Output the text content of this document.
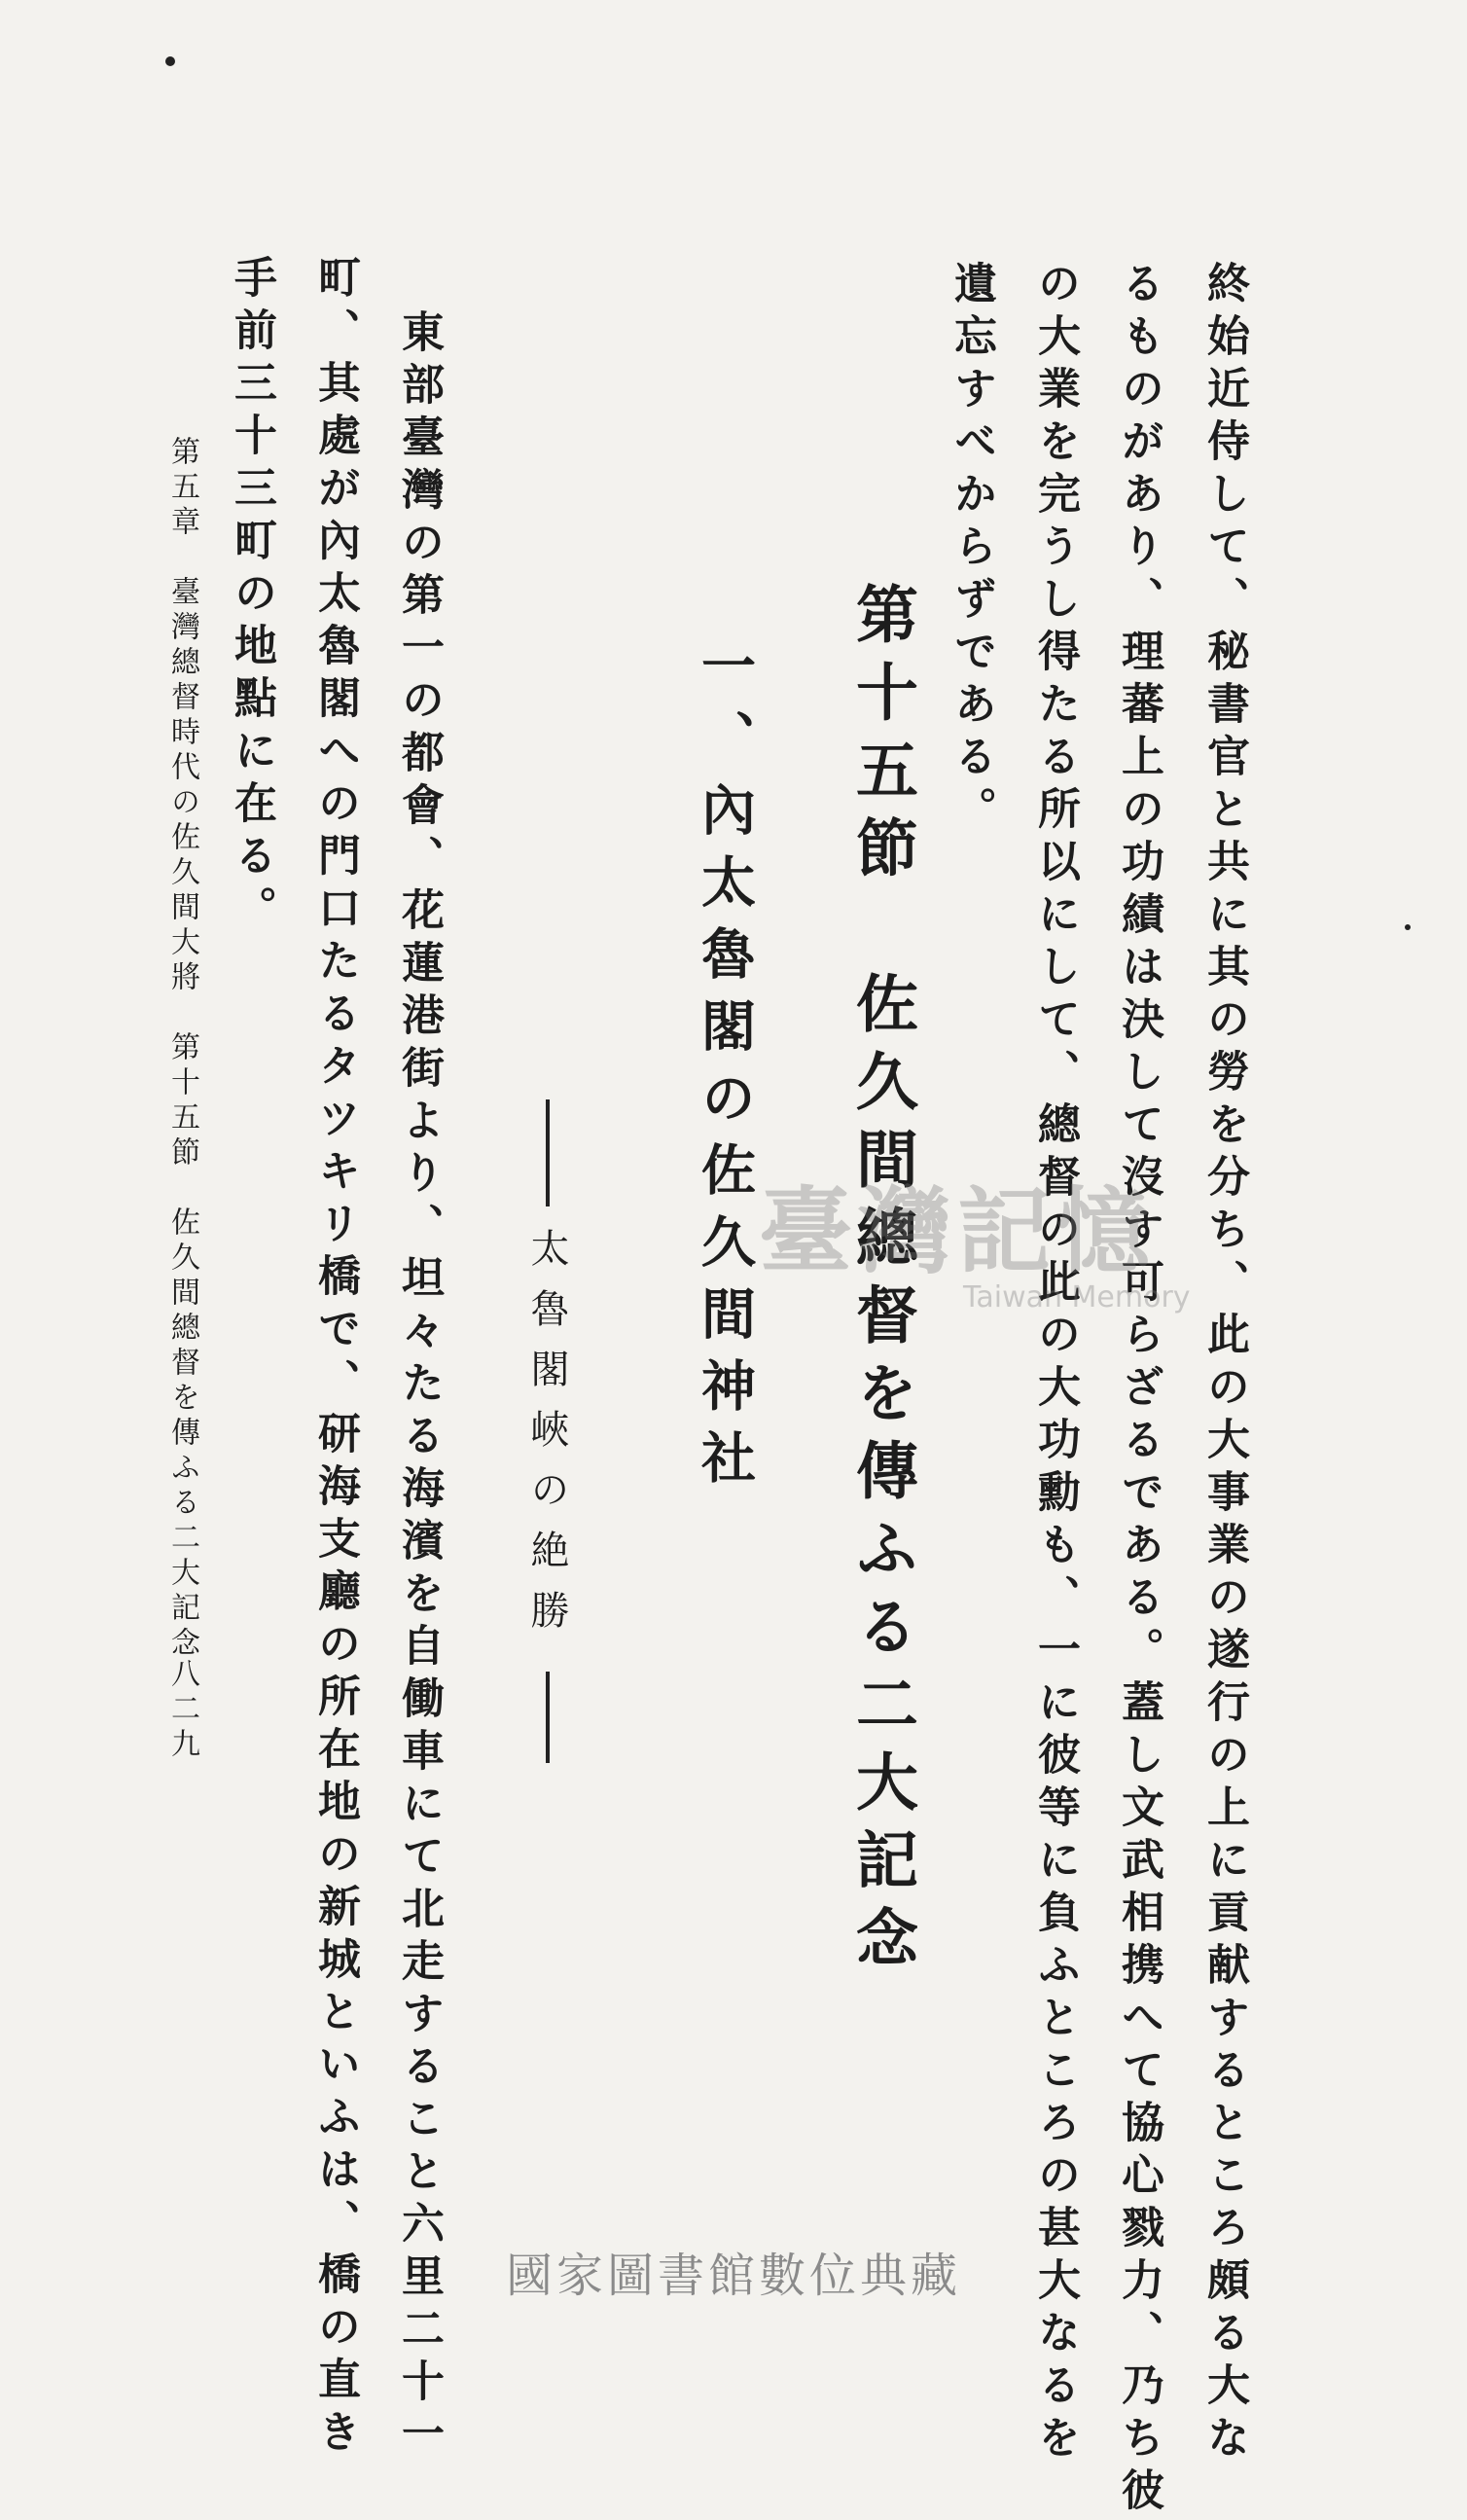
終始近侍して、秘書官と共に其の勞を分ち、此の大事業の遂行の上に貢献するところ頗る大な
るものがあり、理蕃上の功績は決して沒す可らざるである。蓋し文武相携へて協心戮力、乃ち彼
の大業を完うし得たる所以にして、總督の此の大功勳も、一に彼等に負ふところの甚大なるを
遺忘すべからずである。
第十五節　佐久間總督を傳ふる二大記念
一、內太魯閣の佐久間神社
太魯閣峽の絶勝
東部臺灣の第一の都會、花蓮港街より、坦々たる海濱を自働車にて北走すること六里二十一
町、其處が內太魯閣への門口たるタツキリ橋で、研海支廳の所在地の新城といふは、橋の直き
手前三十三町の地點に在る。
第五章　臺灣總督時代の佐久間大將　第十五節　佐久間總督を傳ふる二大記念
八二九
臺灣記憶
Taiwan Memory
國家圖書館數位典藏
